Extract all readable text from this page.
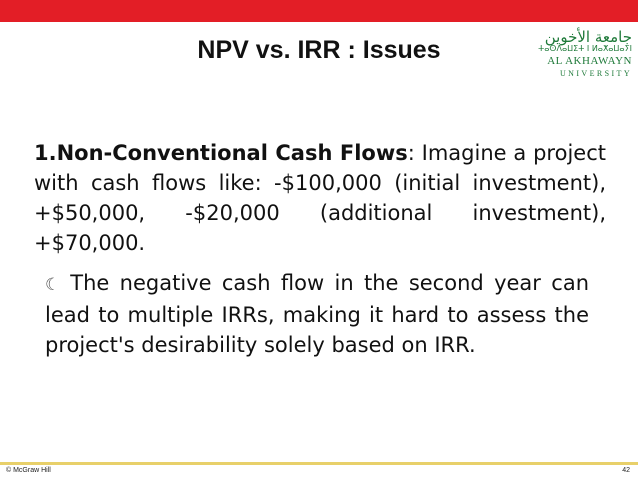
NPV vs. IRR : Issues	جامعة الأخوين
ⵜⴰⵙⴷⴰⵡⵉⵜ ⵏ ⵍⴰⵅⴰⵡⴰⵢⵏ
AL AKHAWAYN
UNIVERSITY
1.Non-Conventional Cash Flows: Imagine a project with cash flows like: -$100,000 (initial investment), +$50,000, -$20,000 (additional investment), +$70,000.
☾ The negative cash flow in the second year can lead to multiple IRRs, making it hard to assess the project's desirability solely based on IRR.
© McGraw Hill	42
